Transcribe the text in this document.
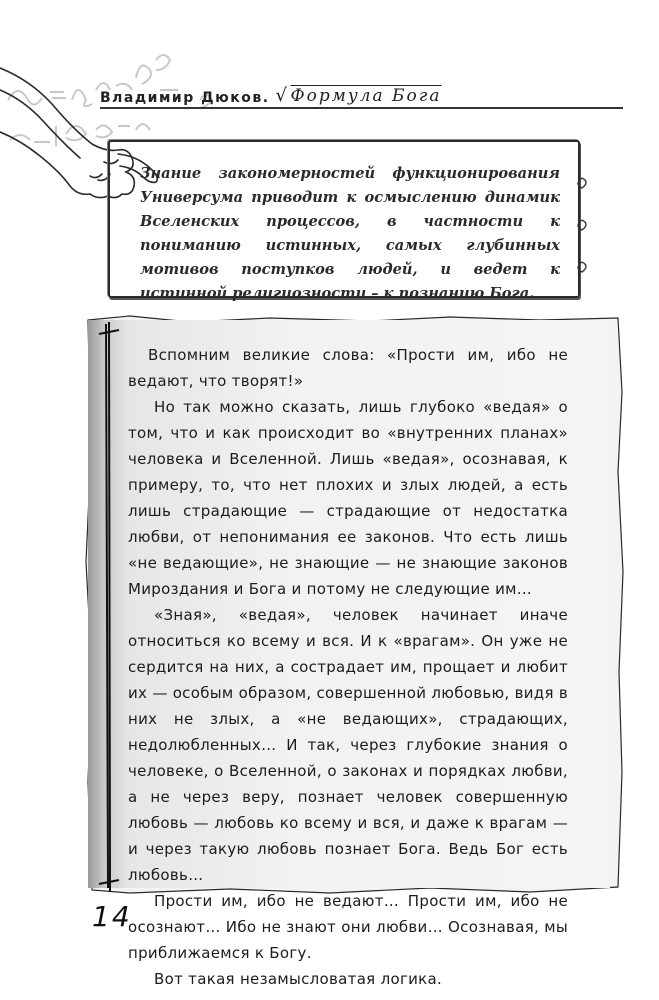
Владимир Дюков. √ Формула Бога
Знание закономерностей функционирования Универсума приводит к осмыслению динамик Вселенских процессов, в частности к пониманию истинных, самых глубинных мотивов поступков людей, и ведет к истинной религиозности – к познанию Бога.

Вспомним великие слова: «Прости им, ибо не ведают, что творят!»

Но так можно сказать, лишь глубоко «ведая» о том, что и как происходит во «внутренних планах» человека и Вселенной. Лишь «ведая», осознавая, к примеру, то, что нет плохих и злых людей, а есть лишь страдающие — страдающие от недостатка любви, от непонимания ее законов. Что есть лишь «не ведающие», не знающие — не знающие законов Мироздания и Бога и потому не следующие им…

«Зная», «ведая», человек начинает иначе относиться ко всему и вся. И к «врагам». Он уже не сердится на них, а сострадает им, прощает и любит их — особым образом, совершенной любовью, видя в них не злых, а «не ведающих», страдающих, недолюбленных… И так, через глубокие знания о человеке, о Вселенной, о законах и порядках любви, а не через веру, познает человек совершенную любовь — любовь ко всему и вся, и даже к врагам — и через такую любовь познает Бога. Ведь Бог есть любовь…

Прости им, ибо не ведают… Прости им, ибо не осознают… Ибо не знают они любви… Осознавая, мы приближаемся к Богу.

Вот такая незамысловатая логика.

14
